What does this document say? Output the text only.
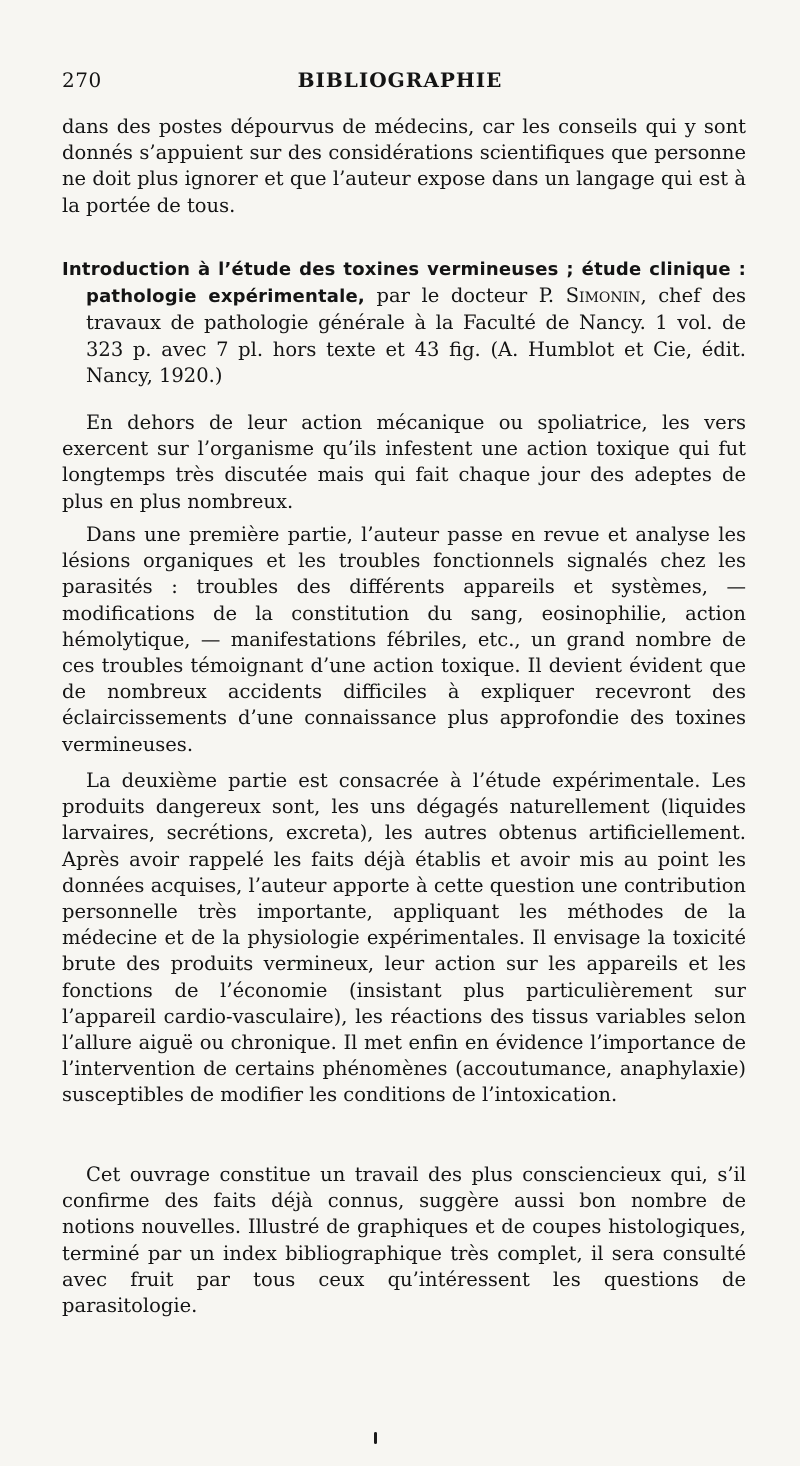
270	BIBLIOGRAPHIE

dans des postes dépourvus de médecins, car les conseils qui y sont donnés s’appuient sur des considérations scientifiques que personne ne doit plus ignorer et que l’auteur expose dans un langage qui est à la portée de tous.

Introduction à l’étude des toxines vermineuses ; étude clinique : pathologie expérimentale, par le docteur P. Simonin, chef des travaux de pathologie générale à la Faculté de Nancy. 1 vol. de 323 p. avec 7 pl. hors texte et 43 fig. (A. Humblot et Cie, édit. Nancy, 1920.)

En dehors de leur action mécanique ou spoliatrice, les vers exercent sur l’organisme qu’ils infestent une action toxique qui fut longtemps très discutée mais qui fait chaque jour des adeptes de plus en plus nombreux.

Dans une première partie, l’auteur passe en revue et analyse les lésions organiques et les troubles fonctionnels signalés chez les parasités : troubles des différents appareils et systèmes, — modifications de la constitution du sang, eosinophilie, action hémolytique, — manifestations fébriles, etc., un grand nombre de ces troubles témoignant d’une action toxique. Il devient évident que de nombreux accidents difficiles à expliquer recevront des éclaircissements d’une connaissance plus approfondie des toxines vermineuses.

La deuxième partie est consacrée à l’étude expérimentale. Les produits dangereux sont, les uns dégagés naturellement (liquides larvaires, secrétions, excreta), les autres obtenus artificiellement. Après avoir rappelé les faits déjà établis et avoir mis au point les données acquises, l’auteur apporte à cette question une contribution personnelle très importante, appliquant les méthodes de la médecine et de la physiologie expérimentales. Il envisage la toxicité brute des produits vermineux, leur action sur les appareils et les fonctions de l’économie (insistant plus particulièrement sur l’appareil cardio-vasculaire), les réactions des tissus variables selon l’allure aiguë ou chronique. Il met enfin en évidence l’importance de l’intervention de certains phénomènes (accoutumance, anaphylaxie) susceptibles de modifier les conditions de l’intoxication.

Cet ouvrage constitue un travail des plus consciencieux qui, s’il confirme des faits déjà connus, suggère aussi bon nombre de notions nouvelles. Illustré de graphiques et de coupes histologiques, terminé par un index bibliographique très complet, il sera consulté avec fruit par tous ceux qu’intéressent les questions de parasitologie.
